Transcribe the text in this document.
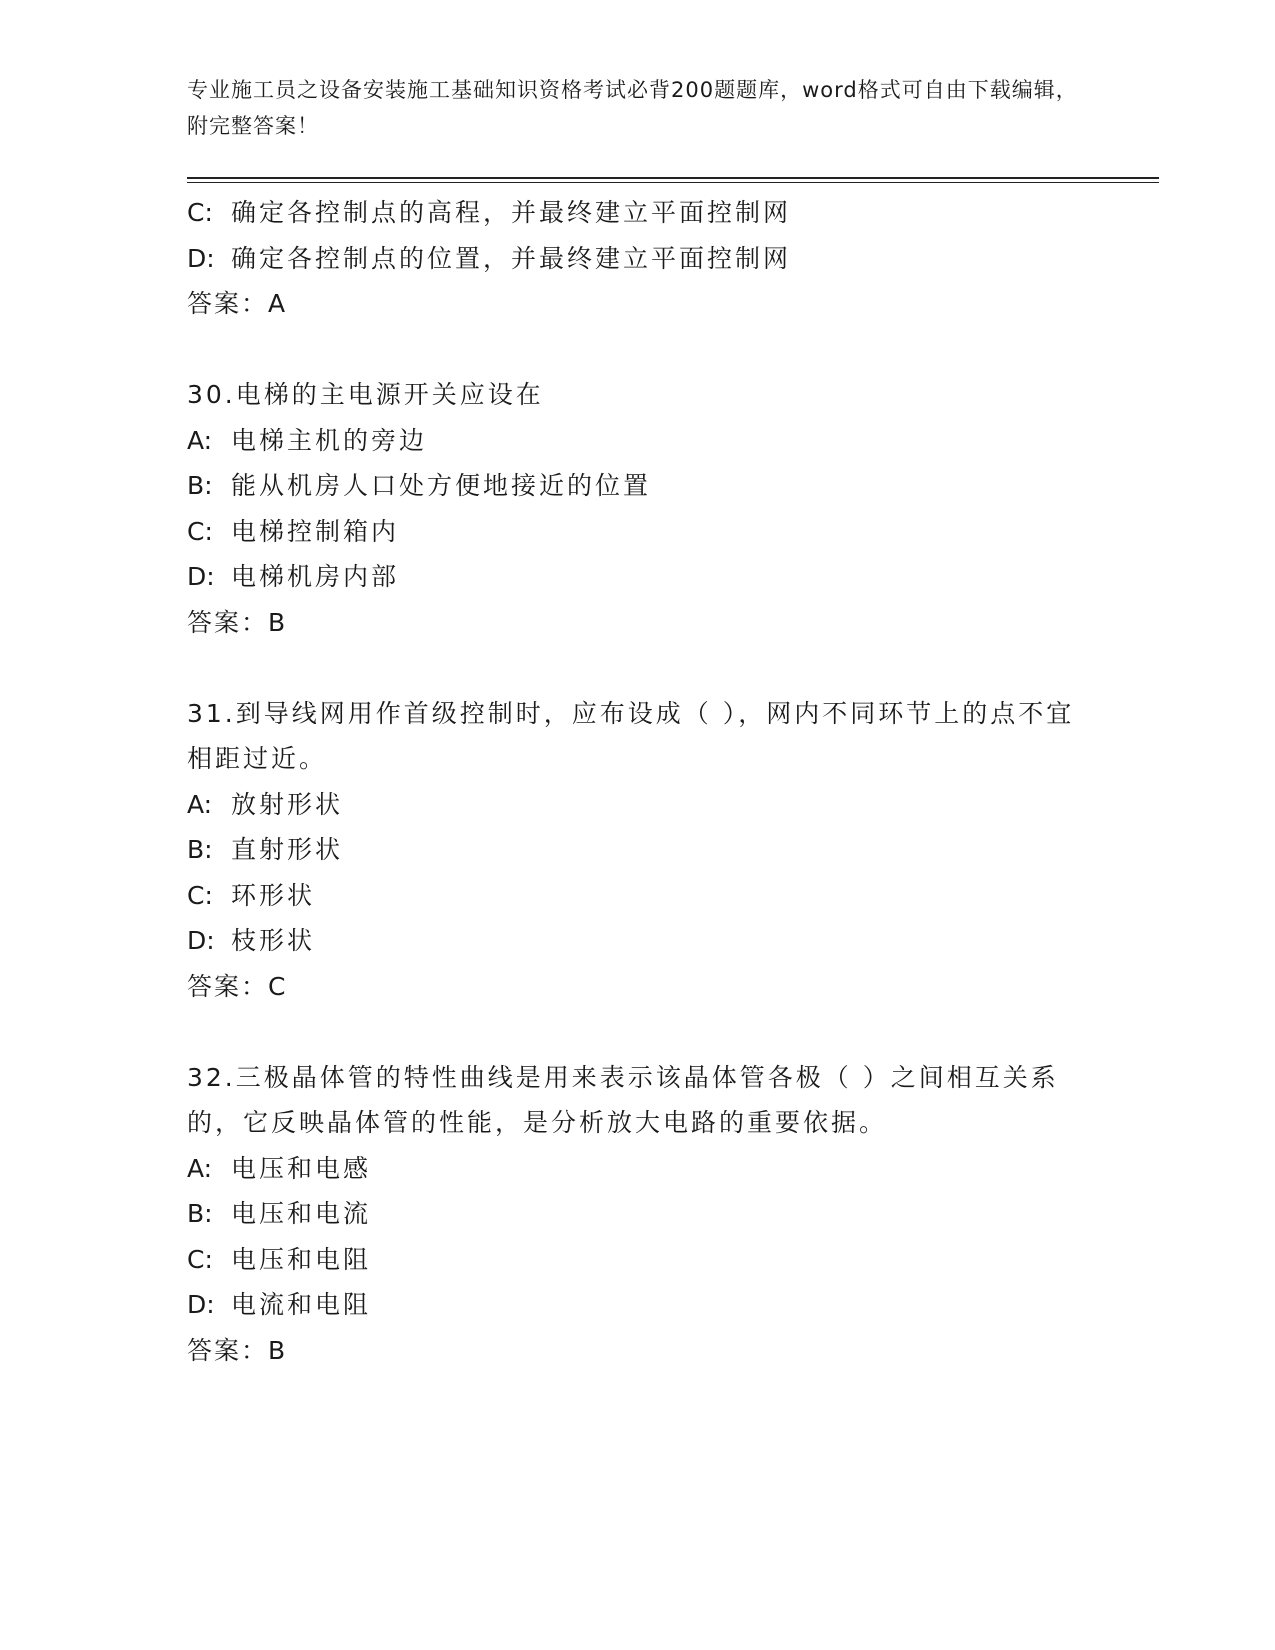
专业施工员之设备安装施工基础知识资格考试必背200题题库，word格式可自由下载编辑，附完整答案！
C: 确定各控制点的高程，并最终建立平面控制网
D: 确定各控制点的位置，并最终建立平面控制网
答案：A
30.电梯的主电源开关应设在
A: 电梯主机的旁边
B: 能从机房人口处方便地接近的位置
C: 电梯控制箱内
D: 电梯机房内部
答案：B
31.到导线网用作首级控制时，应布设成（ ），网内不同环节上的点不宜相距过近。
A: 放射形状
B: 直射形状
C: 环形状
D: 枝形状
答案：C
32.三极晶体管的特性曲线是用来表示该晶体管各极（ ）之间相互关系的，它反映晶体管的性能，是分析放大电路的重要依据。
A: 电压和电感
B: 电压和电流
C: 电压和电阻
D: 电流和电阻
答案：B
